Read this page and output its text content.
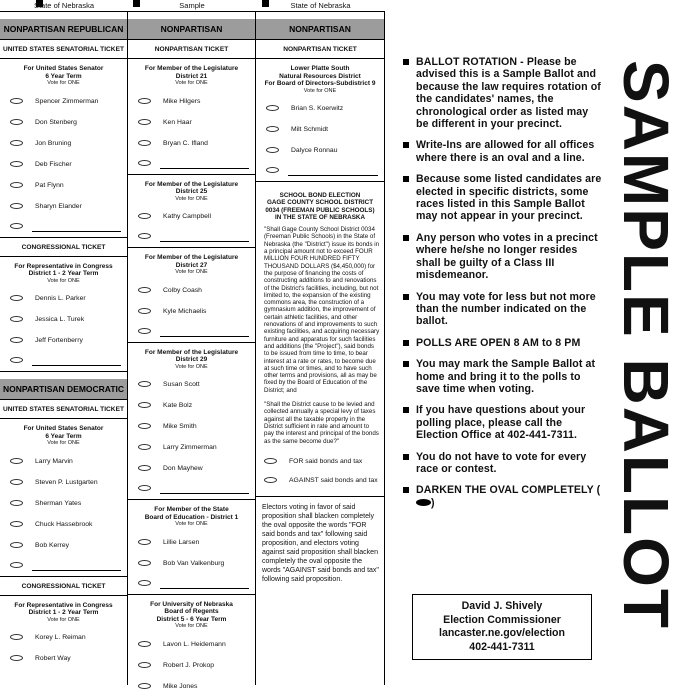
State of Nebraska	Sample	State of Nebraska
NONPARTISAN REPUBLICAN
UNITED STATES SENATORIAL TICKET
For United States Senator
6 Year Term
Vote for ONE
Spencer Zimmerman
Don Stenberg
Jon Bruning
Deb Fischer
Pat Flynn
Sharyn Elander
CONGRESSIONAL TICKET
For Representative in Congress
District 1 - 2 Year Term
Vote for ONE
Dennis L. Parker
Jessica L. Turek
Jeff Fortenberry
NONPARTISAN DEMOCRATIC
UNITED STATES SENATORIAL TICKET
For United States Senator
6 Year Term
Vote for ONE
Larry Marvin
Steven P. Lustgarten
Sherman Yates
Chuck Hassebrook
Bob Kerrey
CONGRESSIONAL TICKET
For Representative in Congress
District 1 - 2 Year Term
Vote for ONE
Korey L. Reiman
Robert Way
NONPARTISAN
NONPARTISAN TICKET
For Member of the Legislature
District 21
Vote for ONE
Mike Hilgers
Ken Haar
Bryan C. Ifland
For Member of the Legislature
District 25
Vote for ONE
Kathy Campbell
For Member of the Legislature
District 27
Vote for ONE
Colby Coash
Kyle Michaelis
For Member of the Legislature
District 29
Vote for ONE
Susan Scott
Kate Bolz
Mike Smith
Larry Zimmerman
Don Mayhew
For Member of the State
Board of Education - District 1
Vote for ONE
Lillie Larsen
Bob Van Valkenburg
For University of Nebraska
Board of Regents
District 5 - 6 Year Term
Vote for ONE
Lavon L. Heidemann
Robert J. Prokop
Mike Jones
NONPARTISAN
NONPARTISAN TICKET
Lower Platte South
Natural Resources District
For Board of Directors-Subdistrict 9
Vote for ONE
Brian S. Koerwitz
Milt Schmidt
Dalyce Ronnau
SCHOOL BOND ELECTION
GAGE COUNTY SCHOOL DISTRICT
0034 (FREEMAN PUBLIC SCHOOLS)
IN THE STATE OF NEBRASKA

"Shall Gage County School District 0034 (Freeman Public Schools) in the State of Nebraska (the "District") issue its bonds in a principal amount not to exceed FOUR MILLION FOUR HUNDRED FIFTY THOUSAND DOLLARS ($4,450,000) for the purpose of financing the costs of constructing additions to and renovations of the District's facilities, including, but not limited to, the expansion of the existing commons area, the construction of a gymnasium addition, the improvement of certain athletic facilities, and other renovations of and improvements to such existing facilities, and acquiring necessary furniture and apparatus for such facilities and additions (the "Project"), said bonds to be issued from time to time, to bear interest at a rate or rates, to become due at such time or times, and to have such other terms and provisions, all as may be fixed by the Board of Education of the District; and

"Shall the District cause to be levied and collected annually a special levy of taxes against all the taxable property in the District sufficient in rate and amount to pay the interest and principal of the bonds as the same become due?"

FOR said bonds and tax
AGAINST said bonds and tax
Electors voting in favor of said proposition shall blacken completely the oval opposite the words "FOR said bonds and tax" following said proposition, and electors voting against said proposition shall blacken completely the oval opposite the words "AGAINST said bonds and tax" following said proposition.
BALLOT ROTATION - Please be advised this is a Sample Ballot and because the law requires rotation of the candidates' names, the chronological order as listed may be different in your precinct.
Write-Ins are allowed for all offices where there is an oval and a line.
Because some listed candidates are elected in specific districts, some races listed in this Sample Ballot may not appear in your precinct.
Any person who votes in a precinct where he/she no longer resides shall be guilty of a Class III misdemeanor.
You may vote for less but not more than the number indicated on the ballot.
POLLS ARE OPEN 8 AM to 8 PM
You may mark the Sample Ballot at home and bring it to the polls to save time when voting.
If you have questions about your polling place, please call the Election Office at 402-441-7311.
You do not have to vote for every race or contest.
DARKEN THE OVAL COMPLETELY ()
David J. Shively
Election Commissioner
lancaster.ne.gov/election
402-441-7311
SAMPLE BALLOT
